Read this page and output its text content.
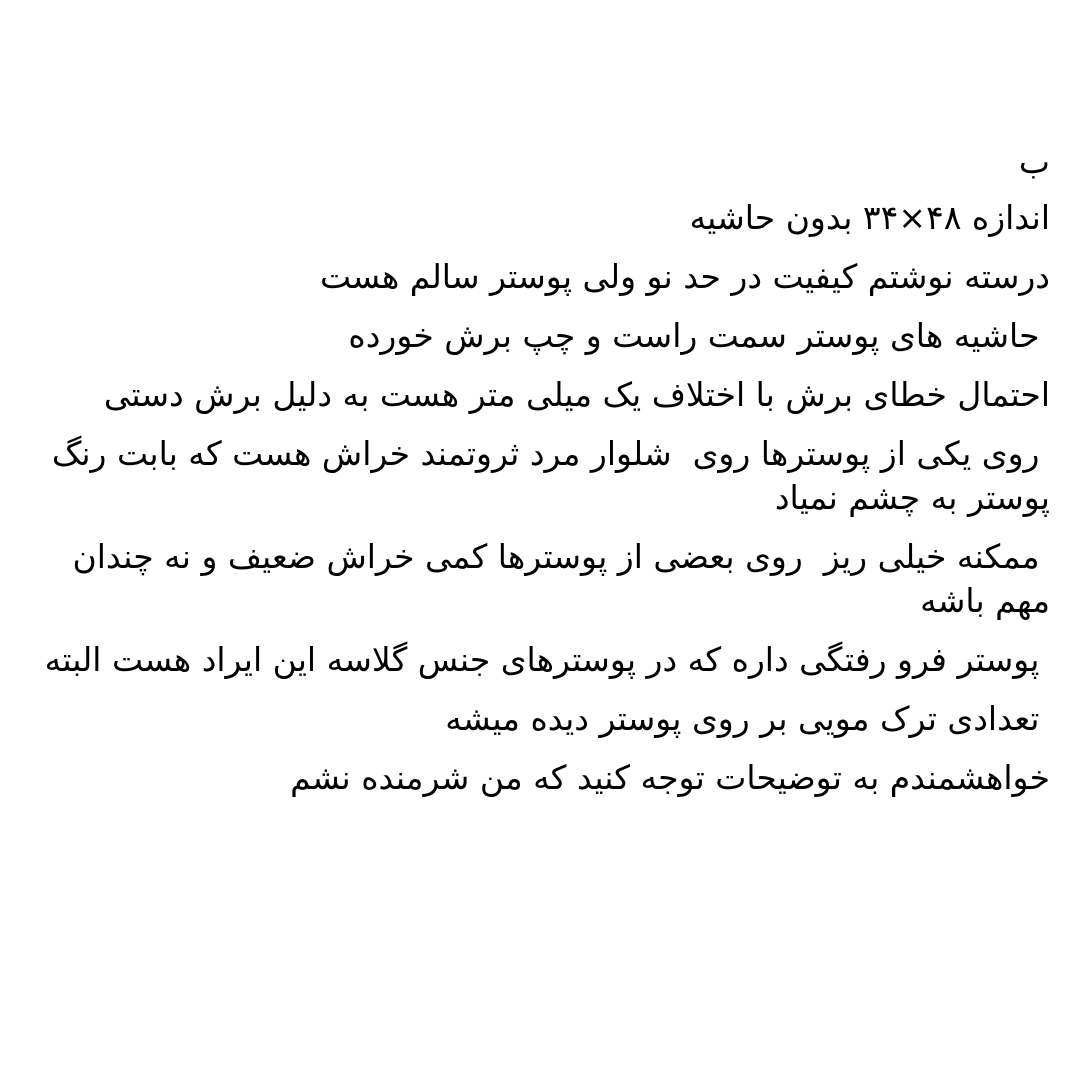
ب

اندازه ۴۸×۳۴ بدون حاشیه

درسته نوشتم کیفیت در حد نو ولی پوستر سالم هست

حاشیه های پوستر سمت راست و چپ برش خورده

احتمال خطای برش با اختلاف یک میلی متر هست به دلیل برش دستی

روی یکی از پوسترها روی  شلوار مرد ثروتمند خراش هست که بابت رنگ پوستر به چشم نمیاد

ممکنه خیلی ریز  روی بعضی از پوسترها کمی خراش ضعیف و نه چندان مهم باشه

پوستر فرو رفتگی داره که در پوسترهای جنس گلاسه این ایراد هست البته

تعدادی ترک مویی بر روی پوستر دیده میشه

خواهشمندم به توضیحات توجه کنید که من شرمنده نشم
